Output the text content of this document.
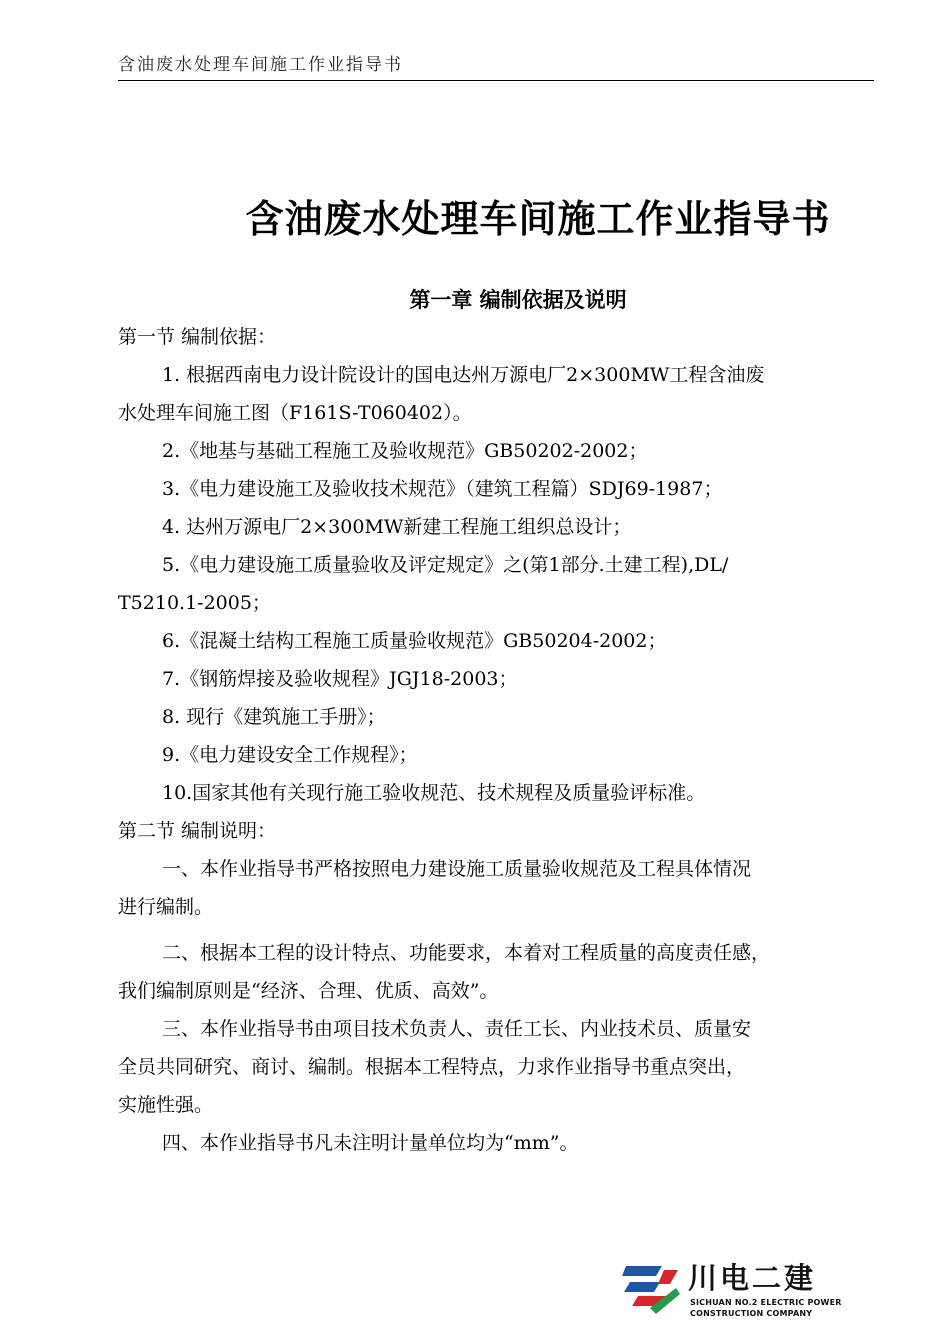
含油废水处理车间施工作业指导书
含油废水处理车间施工作业指导书
第一章 编制依据及说明
第一节 编制依据：
1. 根据西南电力设计院设计的国电达州万源电厂2×300MW工程含油废
水处理车间施工图（F161S-T060402）。
2.《地基与基础工程施工及验收规范》GB50202-2002；
3.《电力建设施工及验收技术规范》（建筑工程篇）SDJ69-1987；
4. 达州万源电厂2×300MW新建工程施工组织总设计；
5.《电力建设施工质量验收及评定规定》之(第1部分.土建工程),DL/
T5210.1-2005；
6.《混凝土结构工程施工质量验收规范》GB50204-2002；
7.《钢筋焊接及验收规程》JGJ18-2003；
8. 现行《建筑施工手册》；
9.《电力建设安全工作规程》；
10.国家其他有关现行施工验收规范、技术规程及质量验评标准。
第二节 编制说明：
一、本作业指导书严格按照电力建设施工质量验收规范及工程具体情况
进行编制。
二、根据本工程的设计特点、功能要求，本着对工程质量的高度责任感，
我们编制原则是“经济、合理、优质、高效”。
三、本作业指导书由项目技术负责人、责任工长、内业技术员、质量安
全员共同研究、商讨、编制。根据本工程特点，力求作业指导书重点突出，
实施性强。
四、本作业指导书凡未注明计量单位均为“mm”。
川电二建
SICHUAN NO.2 ELECTRIC POWER
CONSTRUCTION COMPANY
